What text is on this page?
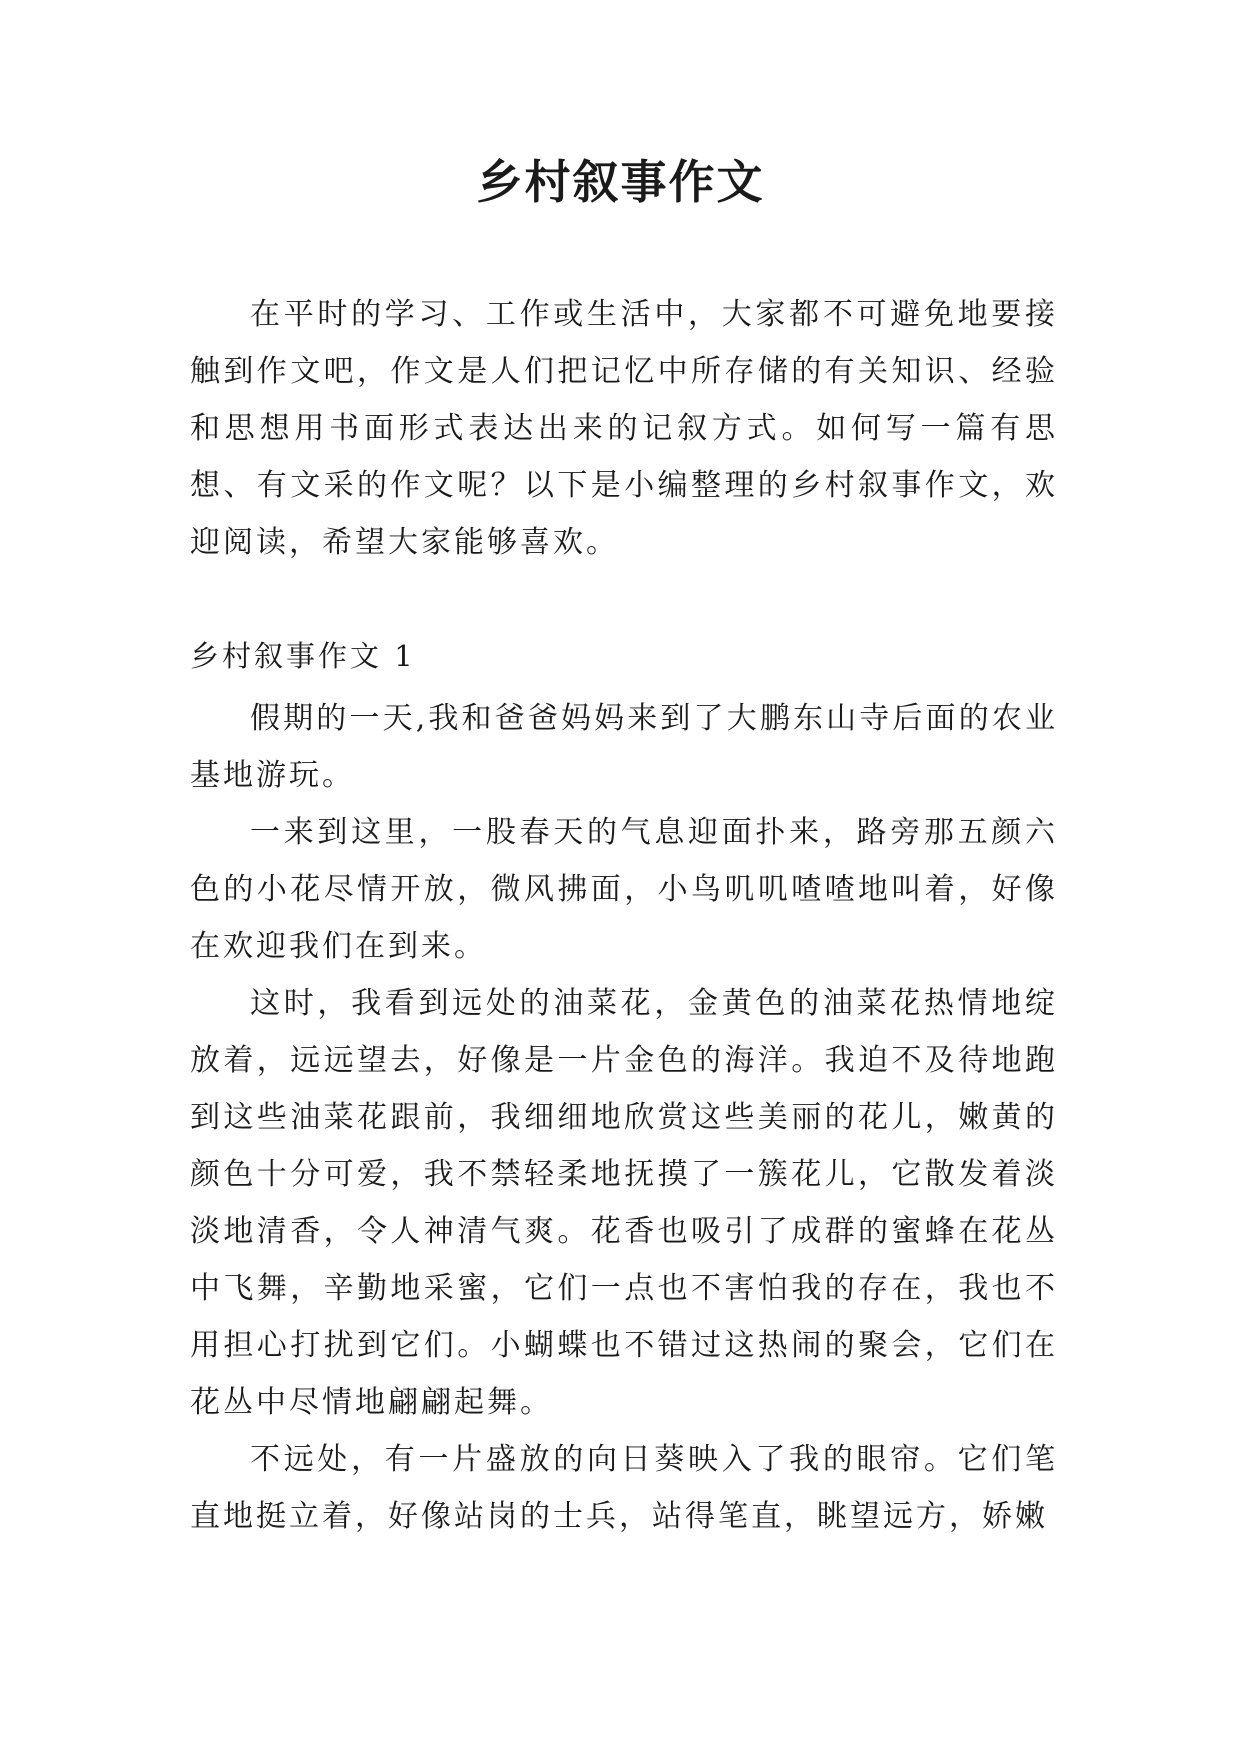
乡村叙事作文

在平时的学习、工作或生活中，大家都不可避免地要接触到作文吧，作文是人们把记忆中所存储的有关知识、经验和思想用书面形式表达出来的记叙方式。如何写一篇有思想、有文采的作文呢？以下是小编整理的乡村叙事作文，欢迎阅读，希望大家能够喜欢。

乡村叙事作文 1

假期的一天,我和爸爸妈妈来到了大鹏东山寺后面的农业基地游玩。

一来到这里，一股春天的气息迎面扑来，路旁那五颜六色的小花尽情开放，微风拂面，小鸟叽叽喳喳地叫着，好像在欢迎我们在到来。

这时，我看到远处的油菜花，金黄色的油菜花热情地绽放着，远远望去，好像是一片金色的海洋。我迫不及待地跑到这些油菜花跟前，我细细地欣赏这些美丽的花儿，嫩黄的颜色十分可爱，我不禁轻柔地抚摸了一簇花儿，它散发着淡淡地清香，令人神清气爽。花香也吸引了成群的蜜蜂在花丛中飞舞，辛勤地采蜜，它们一点也不害怕我的存在，我也不用担心打扰到它们。小蝴蝶也不错过这热闹的聚会，它们在花丛中尽情地翩翩起舞。

不远处，有一片盛放的向日葵映入了我的眼帘。它们笔直地挺立着，好像站岗的士兵，站得笔直，眺望远方，娇嫩
